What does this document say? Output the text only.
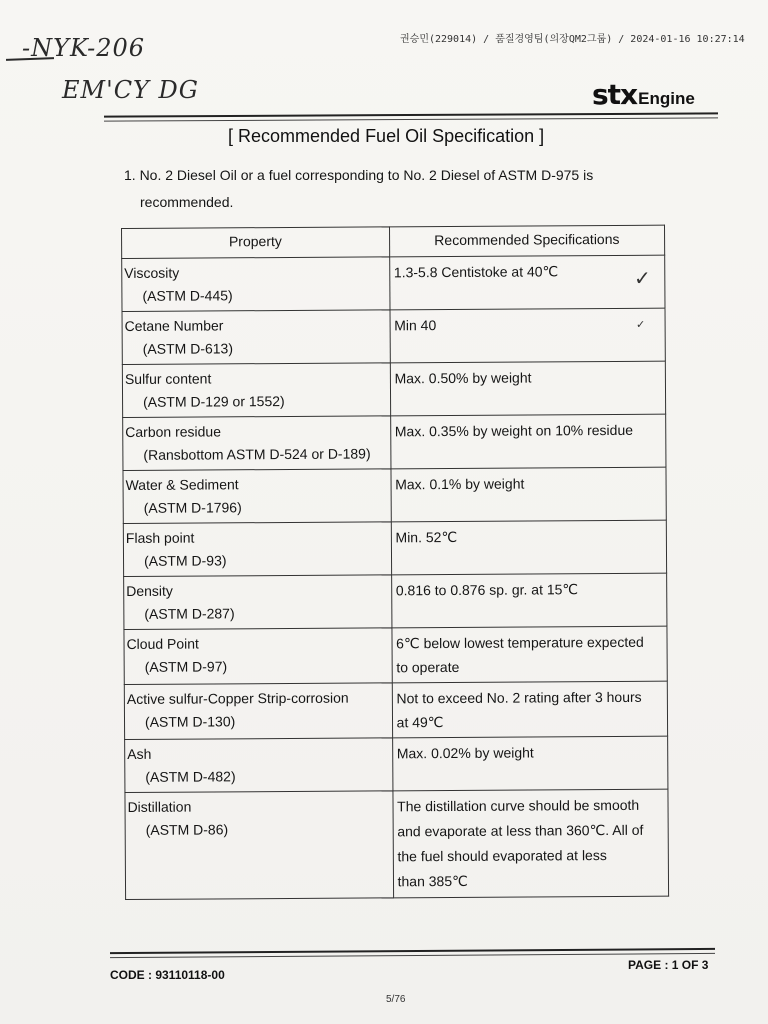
-NYK-206
EM'CY DG
권승민(229014) / 품질경영팀(의장QM2그룹) / 2024-01-16 10:27:14
stxEngine
[ Recommended Fuel Oil Specification ]
1. No. 2 Diesel Oil or a fuel corresponding to No. 2 Diesel of ASTM D-975 is
recommended.
Property	Recommended Specifications

Viscosity
(ASTM D-445)	1.3-5.8 Centistoke at 40℃

Cetane Number
(ASTM D-613)	Min 40

Sulfur content
(ASTM D-129 or 1552)	Max. 0.50% by weight

Carbon residue
(Ransbottom ASTM D-524 or D-189)	Max. 0.35% by weight on 10% residue

Water & Sediment
(ASTM D-1796)	Max. 0.1% by weight

Flash point
(ASTM D-93)	Min. 52℃

Density
(ASTM D-287)	0.816 to 0.876 sp. gr. at 15℃

Cloud Point
(ASTM D-97)	6℃ below lowest temperature expected
to operate

Active sulfur-Copper Strip-corrosion
(ASTM D-130)	Not to exceed No. 2 rating after 3 hours
at 49℃

Ash
(ASTM D-482)	Max. 0.02% by weight

Distillation
(ASTM D-86)	The distillation curve should be smooth
and evaporate at less than 360℃. All of
the fuel should evaporated at less
than 385℃
✓
✓
CODE : 93110118-00
PAGE : 1 OF 3
5/76
